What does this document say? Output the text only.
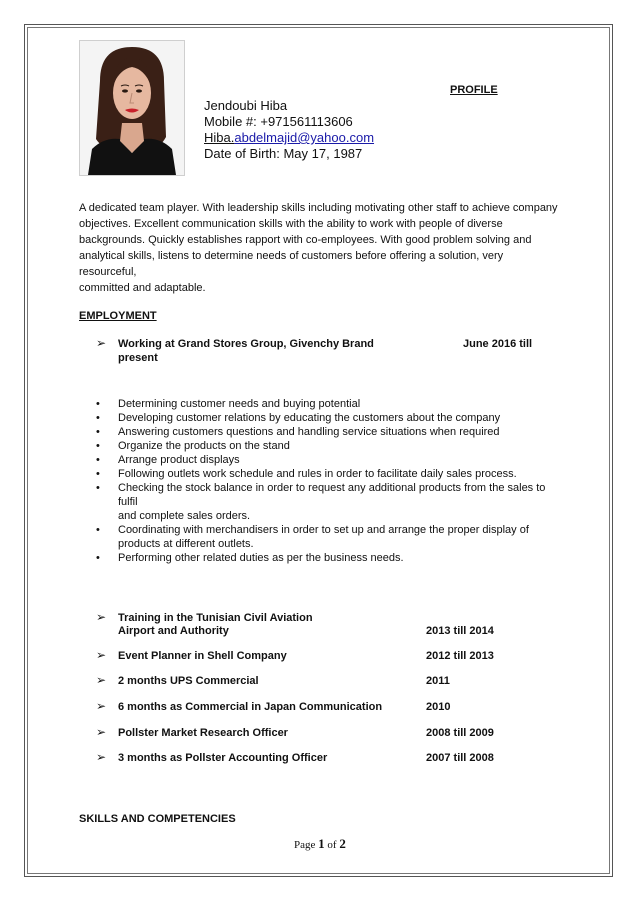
PROFILE
Jendoubi Hiba
Mobile #: +971561113606
Hiba.abdelmajid@yahoo.com
Date of Birth: May 17, 1987
A dedicated team player. With leadership skills including motivating other staff to achieve company
objectives. Excellent communication skills with the ability to work with people of diverse
backgrounds. Quickly establishes rapport with co-employees. With good problem solving and
analytical skills, listens to determine needs of customers before offering a solution, very resourceful,
committed and adaptable.
EMPLOYMENT
➢ Working at Grand Stores Group, Givenchy Brand	June 2016 till
present
• Determining customer needs and buying potential
• Developing customer relations by educating the customers about the company
• Answering customers questions and handling service situations when required
• Organize the products on the stand
• Arrange product displays
• Following outlets work schedule and rules in order to facilitate daily sales process.
• Checking the stock balance in order to request any additional products from the sales to fulfil
and complete sales orders.
• Coordinating with merchandisers in order to set up and arrange the proper display of
products at different outlets.
• Performing other related duties as per the business needs.
➢ Training in the Tunisian Civil Aviation
Airport and Authority	2013 till 2014
➢ Event Planner in Shell Company	2012 till 2013
➢ 2 months UPS Commercial	2011
➢ 6 months as Commercial in Japan Communication	2010
➢ Pollster Market Research Officer	2008 till 2009
➢ 3 months as Pollster Accounting Officer	2007 till 2008
SKILLS AND COMPETENCIES
Page 1 of 2
